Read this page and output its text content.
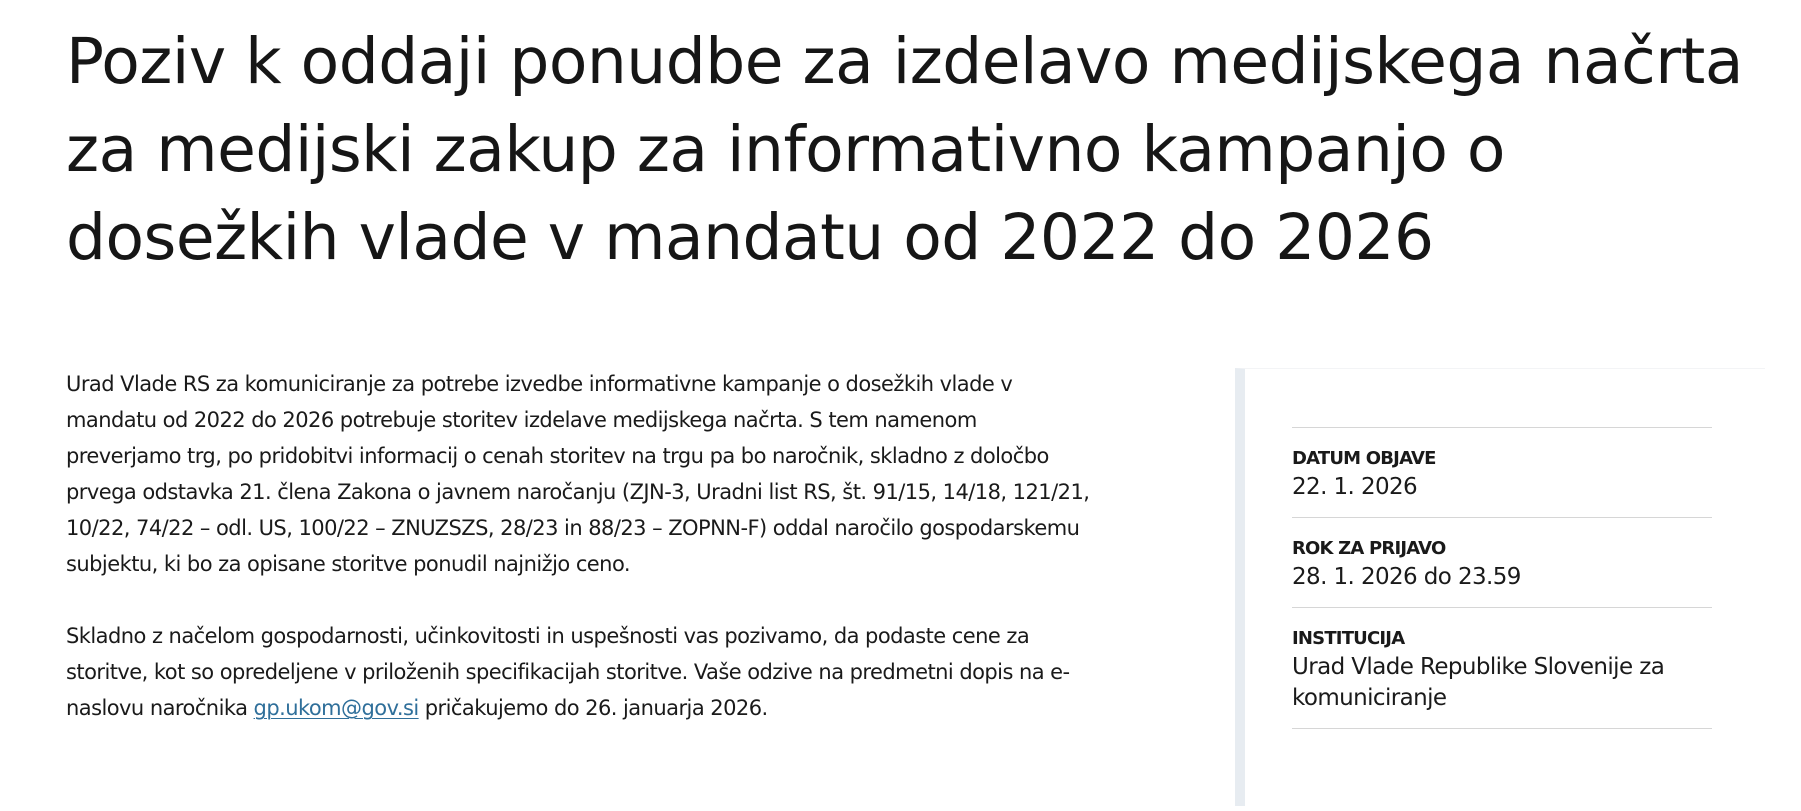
Poziv k oddaji ponudbe za izdelavo medijskega načrta
za medijski zakup za informativno kampanjo o
dosežkih vlade v mandatu od 2022 do 2026

Urad Vlade RS za komuniciranje za potrebe izvedbe informativne kampanje o dosežkih vlade v
mandatu od 2022 do 2026 potrebuje storitev izdelave medijskega načrta. S tem namenom
preverjamo trg, po pridobitvi informacij o cenah storitev na trgu pa bo naročnik, skladno z določbo
prvega odstavka 21. člena Zakona o javnem naročanju (ZJN-3, Uradni list RS, št. 91/15, 14/18, 121/21,
10/22, 74/22 – odl. US, 100/22 – ZNUZSZS, 28/23 in 88/23 – ZOPNN-F) oddal naročilo gospodarskemu
subjektu, ki bo za opisane storitve ponudil najnižjo ceno.

Skladno z načelom gospodarnosti, učinkovitosti in uspešnosti vas pozivamo, da podaste cene za
storitve, kot so opredeljene v priloženih specifikacijah storitve. Vaše odzive na predmetni dopis na e-
naslovu naročnika gp.ukom@gov.si pričakujemo do 26. januarja 2026.

DATUM OBJAVE
22. 1. 2026
ROK ZA PRIJAVO
28. 1. 2026 do 23.59
INSTITUCIJA
Urad Vlade Republike Slovenije za
komuniciranje
